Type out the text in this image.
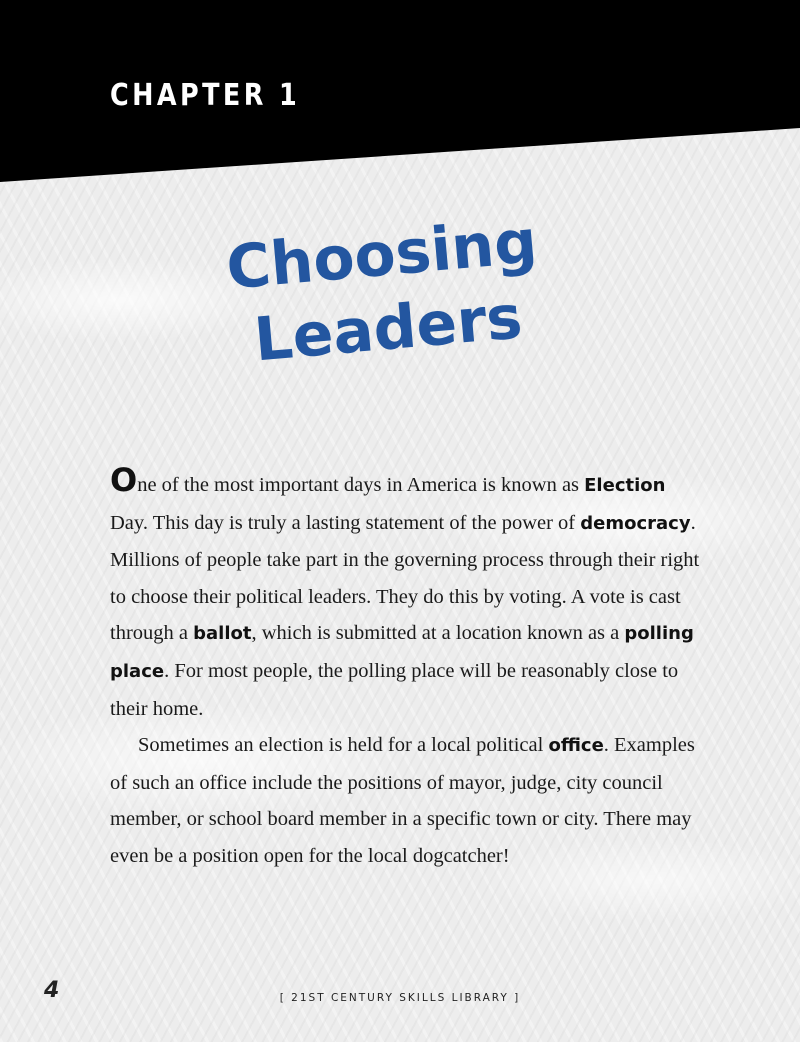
CHAPTER 1
Choosing
Leaders

One of the most important days in America is known as Election Day. This day is truly a lasting statement of the power of democracy. Millions of people take part in the governing process through their right to choose their political leaders. They do this by voting. A vote is cast through a ballot, which is submitted at a location known as a polling place. For most people, the polling place will be reasonably close to their home.

Sometimes an election is held for a local political office. Examples of such an office include the positions of mayor, judge, city council member, or school board member in a specific town or city. There may even be a position open for the local dogcatcher!

4	[ 21ST CENTURY SKILLS LIBRARY ]
